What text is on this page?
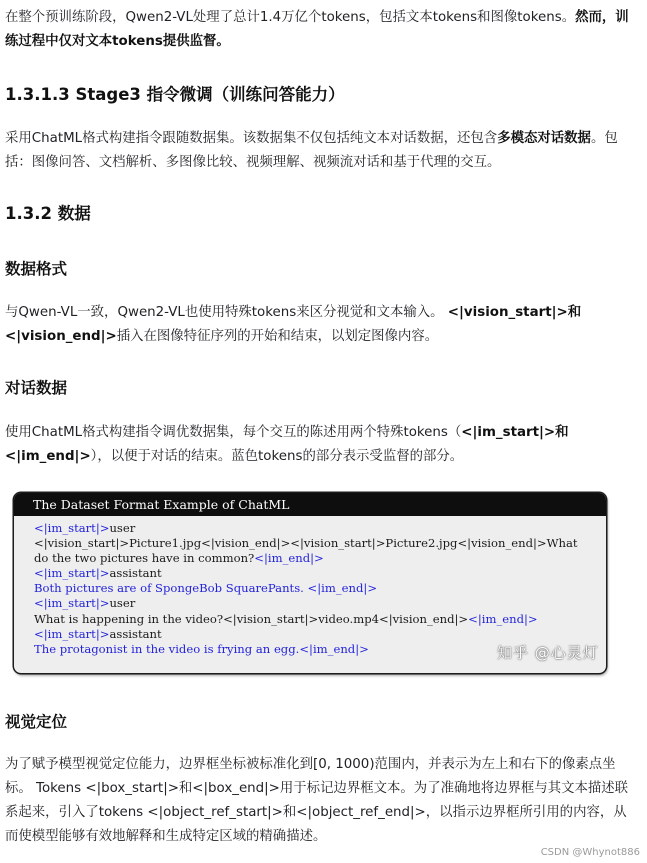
在整个预训练阶段，Qwen2-VL处理了总计1.4万亿个tokens，包括文本tokens和图像tokens。然而，训练过程中仅对文本tokens提供监督。

1.3.1.3 Stage3 指令微调（训练问答能力）

采用ChatML格式构建指令跟随数据集。该数据集不仅包括纯文本对话数据，还包含多模态对话数据。包括：图像问答、文档解析、多图像比较、视频理解、视频流对话和基于代理的交互。

1.3.2 数据
数据格式

与Qwen-VL一致，Qwen2-VL也使用特殊tokens来区分视觉和文本输入。 <|vision_start|>和
<|vision_end|>插入在图像特征序列的开始和结束，以划定图像内容。

对话数据

使用ChatML格式构建指令调优数据集，每个交互的陈述用两个特殊tokens（<|im_start|>和
<|im_end|>），以便于对话的结束。蓝色tokens的部分表示受监督的部分。

The Dataset Format Example of ChatML
<|im_start|>user
<|vision_start|>Picture1.jpg<|vision_end|><|vision_start|>Picture2.jpg<|vision_end|>What do the two pictures have in common?<|im_end|>
<|im_start|>assistant
Both pictures are of SpongeBob SquarePants. <|im_end|>
<|im_start|>user
What is happening in the video?<|vision_start|>video.mp4<|vision_end|><|im_end|>
<|im_start|>assistant
The protagonist in the video is frying an egg.<|im_end|>	知乎 @心灵灯
视觉定位

为了赋予模型视觉定位能力，边界框坐标被标准化到[0, 1000)范围内，并表示为左上和右下的像素点坐标。 Tokens <|box_start|>和<|box_end|>用于标记边界框文本。为了准确地将边界框与其文本描述联系起来，引入了tokens <|object_ref_start|>和<|object_ref_end|>，以指示边界框所引用的内容，从而使模型能够有效地解释和生成特定区域的精确描述。

CSDN @Whynot886
